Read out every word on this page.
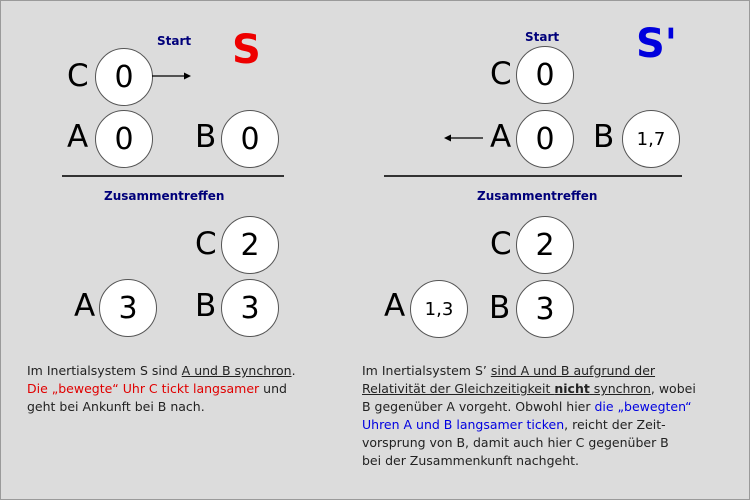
Start S
C 0
A 0 B 0
Zusammentreffen
C 2
A 3 B 3
Im Inertialsystem S sind A und B synchron.
Die „bewegte“ Uhr C tickt langsamer und
geht bei Ankunft bei B nach.
Start S'
C 0
A 0 B 1,7
Zusammentreffen
C 2
A 1,3 B 3
Im Inertialsystem S’ sind A und B aufgrund der
Relativität der Gleichzeitigkeit nicht synchron, wobei
B gegenüber A vorgeht. Obwohl hier die „bewegten“
Uhren A und B langsamer ticken, reicht der Zeit-
vorsprung von B, damit auch hier C gegenüber B
bei der Zusammenkunft nachgeht.
